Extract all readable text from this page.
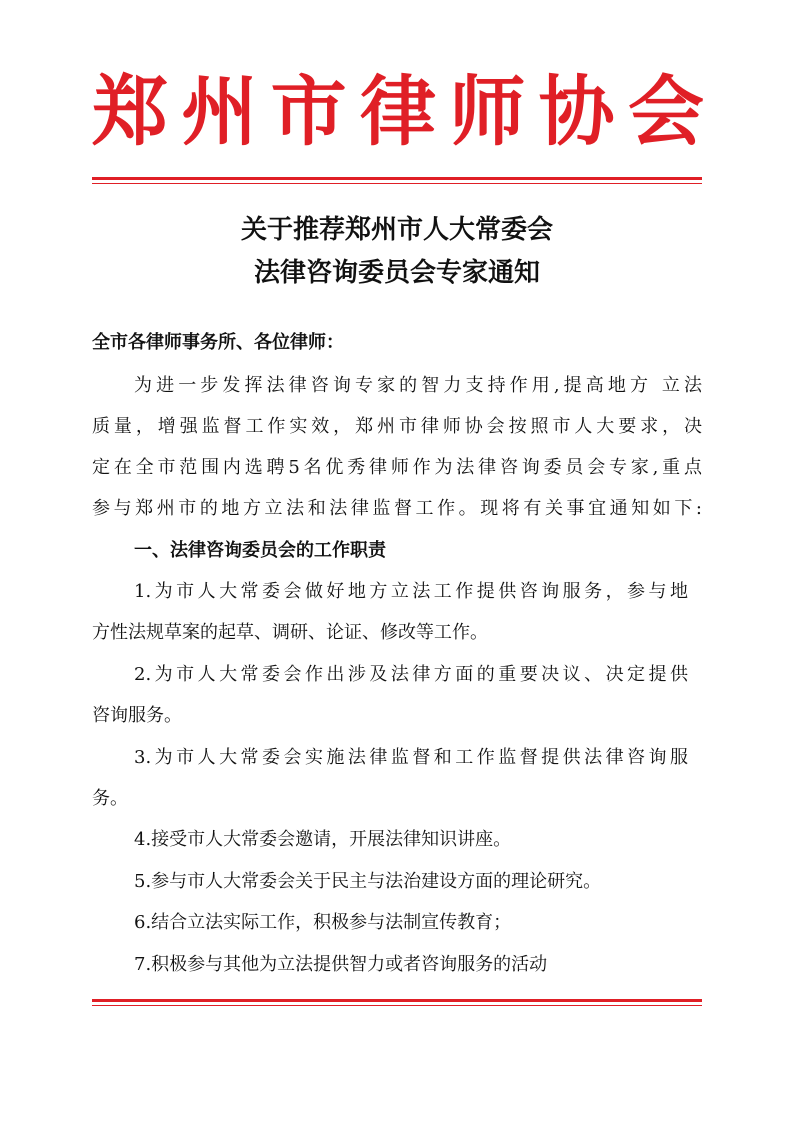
郑 州 市 律 师 协 会
关于推荐郑州市人大常委会
法律咨询委员会专家通知
全市各律师事务所、各位律师：
为进一步发挥法律咨询专家的智力支持作用,提高地方 立法
质量，增强监督工作实效，郑州市律师协会按照市人大要求，决
定在全市范围内选聘5名优秀律师作为法律咨询委员会专家,重点
参与郑州市的地方立法和法律监督工作。现将有关事宜通知如下:
一、法律咨询委员会的工作职责
1.为市人大常委会做好地方立法工作提供咨询服务，参与地
方性法规草案的起草、调研、论证、修改等工作。
2.为市人大常委会作出涉及法律方面的重要决议、决定提供
咨询服务。
3.为市人大常委会实施法律监督和工作监督提供法律咨询服
务。
4.接受市人大常委会邀请，开展法律知识讲座。
5.参与市人大常委会关于民主与法治建设方面的理论研究。
6.结合立法实际工作，积极参与法制宣传教育；
7.积极参与其他为立法提供智力或者咨询服务的活动
